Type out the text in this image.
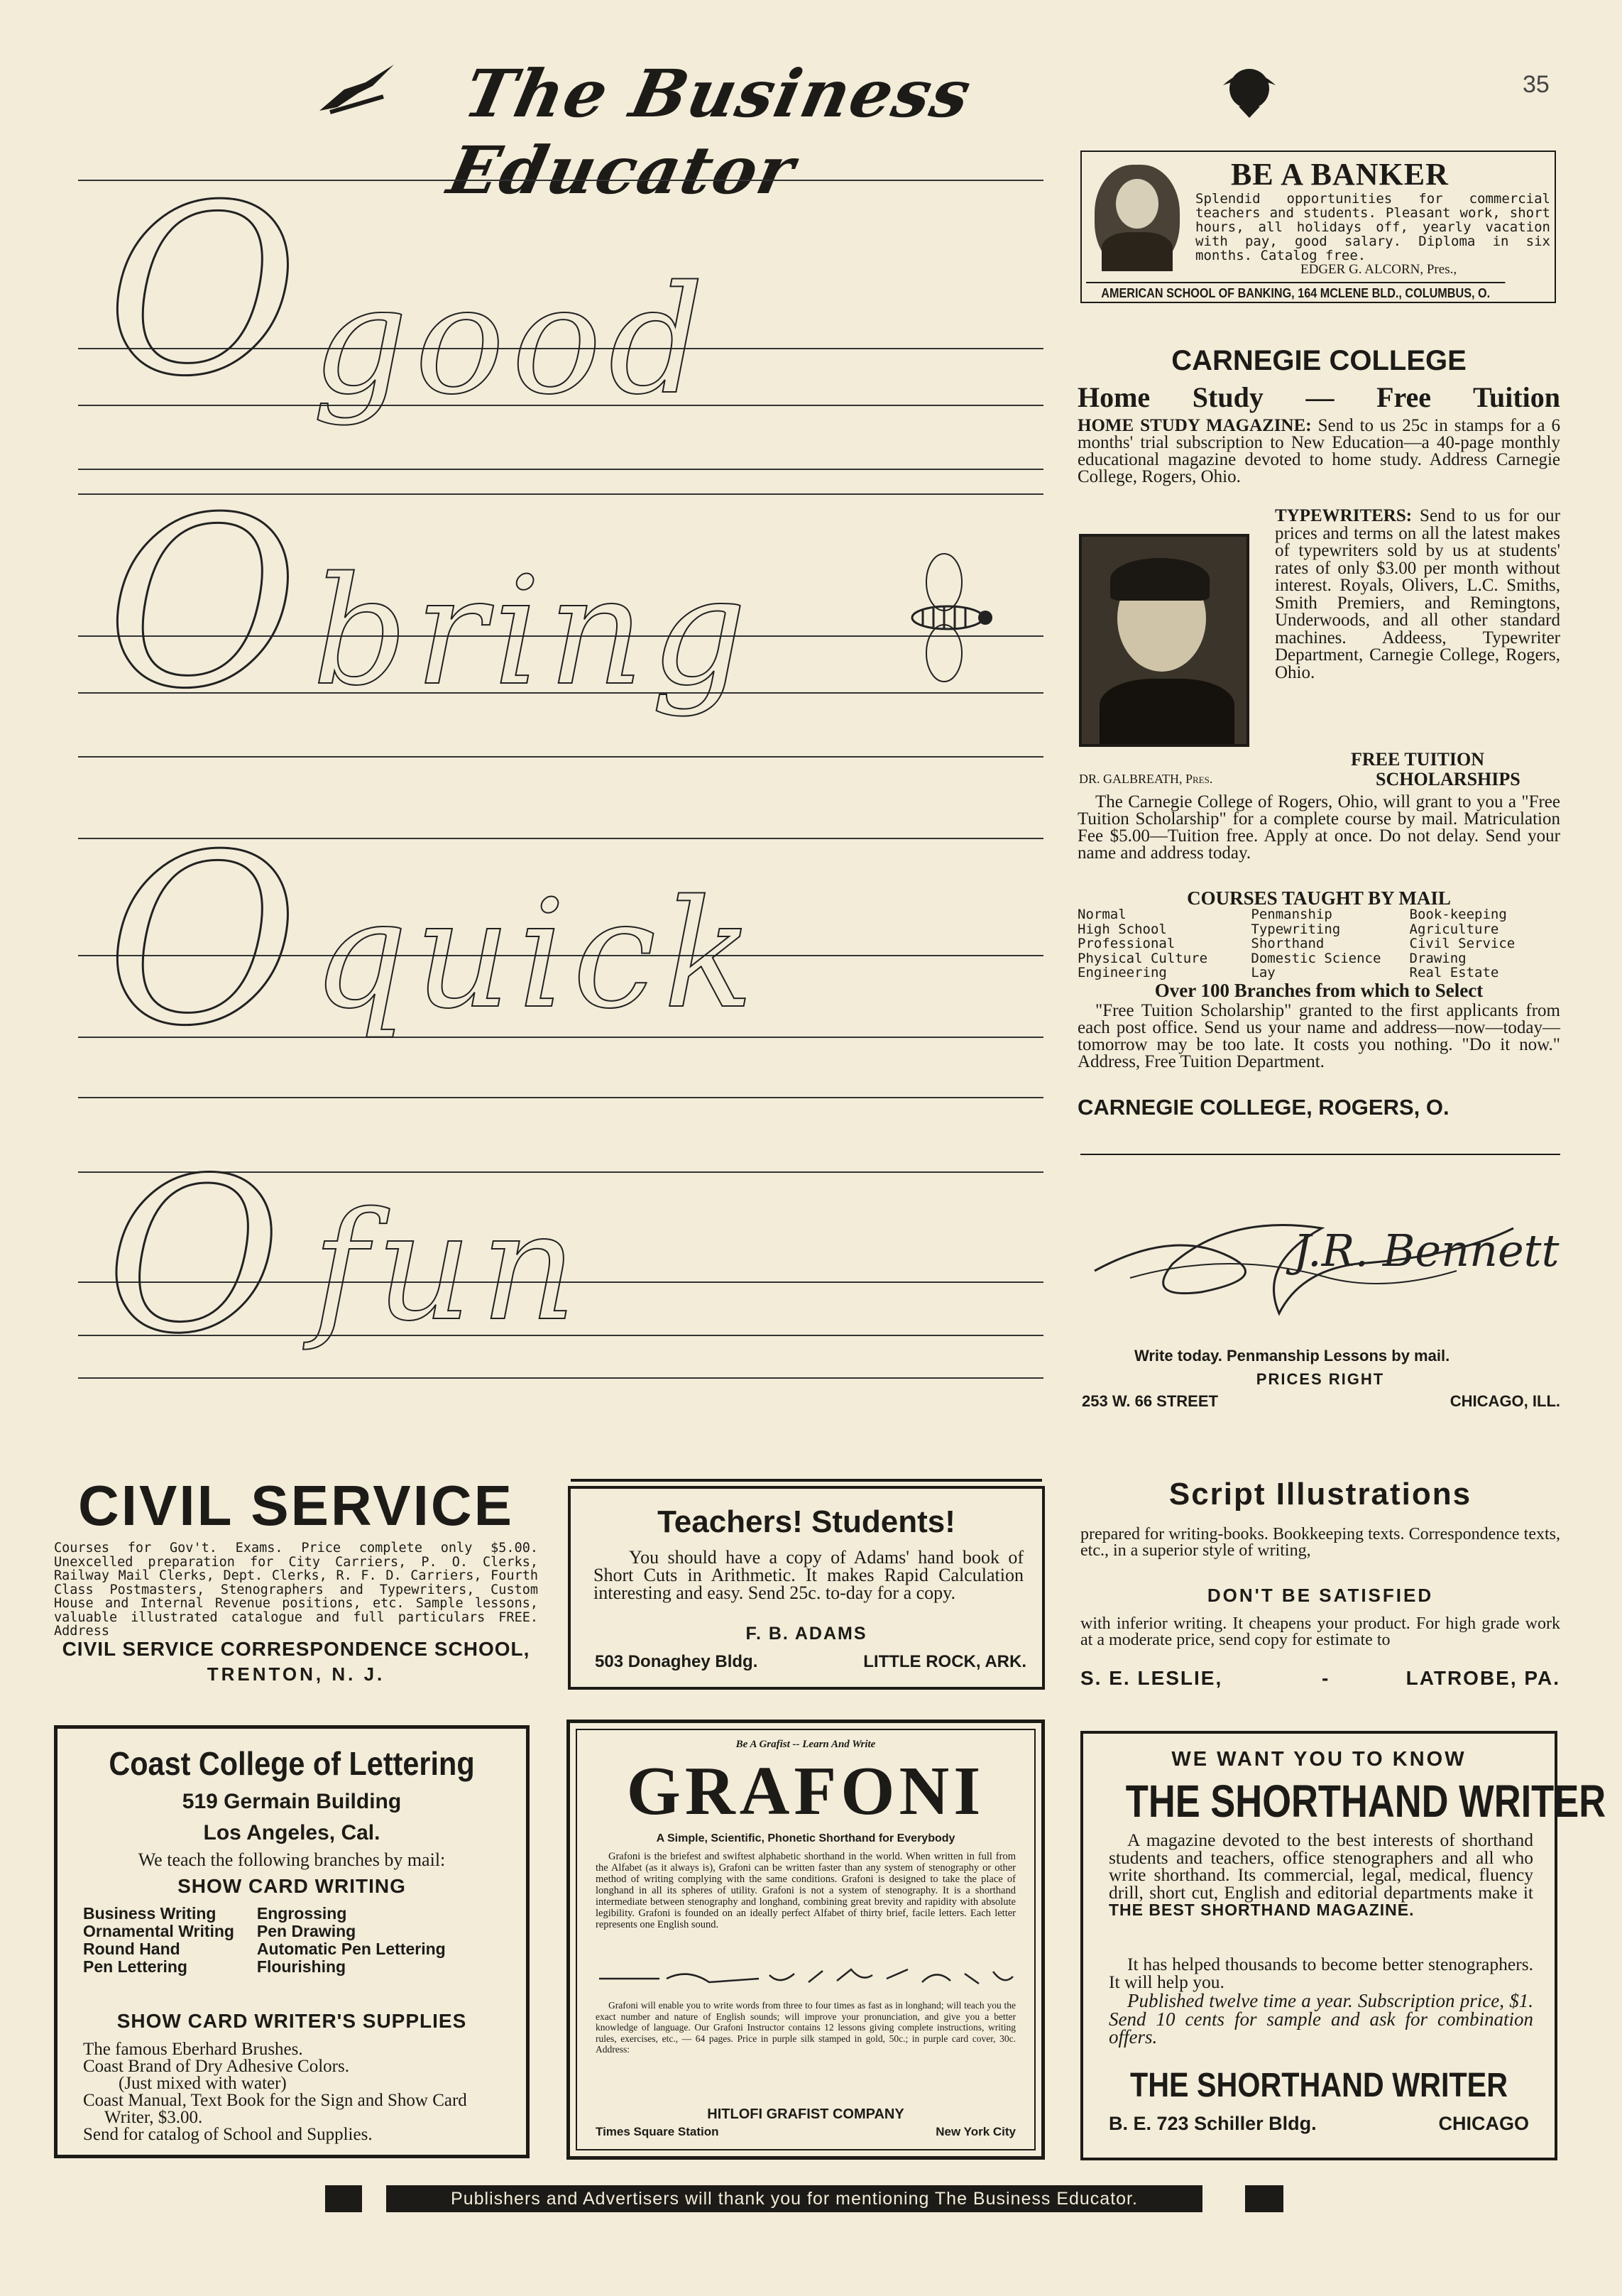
The Business Educator
35
O good
O bring
O quick
O fun
BE A BANKER
Splendid opportunities for commercial teachers and students. Pleasant work, short hours, all holidays off, yearly vacation with pay, good salary. Diploma in six months. Catalog free.
EDGER G. ALCORN, Pres.,
AMERICAN SCHOOL OF BANKING, 164 MCLENE BLD., COLUMBUS, O.
CARNEGIE COLLEGE
Home Study — Free Tuition
HOME STUDY MAGAZINE: Send to us 25c in stamps for a 6 months' trial subscription to New Education—a 40-page monthly educational magazine devoted to home study. Address Carnegie College, Rogers, Ohio.
TYPEWRITERS: Send to us for our prices and terms on all the latest makes of typewriters sold by us at students' rates of only $3.00 per month without interest. Royals, Olivers, L.C. Smiths, Smith Premiers, and Remingtons, Underwoods, and all other standard machines. Addeess, Typewriter Department, Carnegie College, Rogers, Ohio.
FREE TUITION
DR. GALBREATH, Pres.	SCHOLARSHIPS
The Carnegie College of Rogers, Ohio, will grant to you a "Free Tuition Scholarship" for a complete course by mail. Matriculation Fee $5.00—Tuition free. Apply at once. Do not delay. Send your name and address today.
COURSES TAUGHT BY MAIL
Normal	Penmanship	Book-keeping
High School	Typewriting	Agriculture
Professional	Shorthand	Civil Service
Physical Culture	Domestic Science	Drawing
Engineering	Lay	Real Estate
Over 100 Branches from which to Select
"Free Tuition Scholarship" granted to the first applicants from each post office. Send us your name and address—now—today—tomorrow may be too late. It costs you nothing. "Do it now." Address, Free Tuition Department.
CARNEGIE COLLEGE, ROGERS, O.
J.R. Bennett
Write today. Penmanship Lessons by mail.
PRICES RIGHT
253 W. 66 STREET	CHICAGO, ILL.
CIVIL SERVICE
Courses for Gov't. Exams. Price complete only $5.00. Unexcelled preparation for City Carriers, P. O. Clerks, Railway Mail Clerks, Dept. Clerks, R. F. D. Carriers, Fourth Class Postmasters, Stenographers and Typewriters, Custom House and Internal Revenue positions, etc. Sample lessons, valuable illustrated catalogue and full particulars FREE. Address
CIVIL SERVICE CORRESPONDENCE SCHOOL,
TRENTON, N. J.
Teachers! Students!
You should have a copy of Adams' hand book of Short Cuts in Arithmetic. It makes Rapid Calculation interesting and easy. Send 25c. to-day for a copy.
F. B. ADAMS
503 Donaghey Bldg.	LITTLE ROCK, ARK.
Script Illustrations
prepared for writing-books. Bookkeeping texts. Correspondence texts, etc., in a superior style of writing,
DON'T BE SATISFIED
with inferior writing. It cheapens your product. For high grade work at a moderate price, send copy for estimate to
S. E. LESLIE,	-	LATROBE, PA.
Coast College of Lettering
519 Germain Building
Los Angeles, Cal.
We teach the following branches by mail:
SHOW CARD WRITING
Business Writing	Engrossing
Ornamental Writing	Pen Drawing
Round Hand	Automatic Pen Lettering
Pen Lettering	Flourishing
SHOW CARD WRITER'S SUPPLIES
The famous Eberhard Brushes.
Coast Brand of Dry Adhesive Colors.
(Just mixed with water)
Coast Manual, Text Book for the Sign and Show Card Writer, $3.00.
Send for catalog of School and Supplies.
Be A Grafist -- Learn And Write
GRAFONI
A Simple, Scientific, Phonetic Shorthand for Everybody
Grafoni is the briefest and swiftest alphabetic shorthand in the world. When written in full from the Alfabet (as it always is), Grafoni can be written faster than any system of stenography or other method of writing complying with the same conditions. Grafoni is designed to take the place of longhand in all its spheres of utility. Grafoni is not a system of stenography. It is a shorthand intermediate between stenography and longhand, combining great brevity and rapidity with absolute legibility. Grafoni is founded on an ideally perfect Alfabet of thirty brief, facile letters. Each letter represents one English sound.
Grafoni will enable you to write words from three to four times as fast as in longhand; will teach you the exact number and nature of English sounds; will improve your pronunciation, and give you a better knowledge of language. Our Grafoni Instructor contains 12 lessons giving complete instructions, writing rules, exercises, etc., — 64 pages. Price in purple silk stamped in gold, 50c.; in purple card cover, 30c. Address:
HITLOFI GRAFIST COMPANY
Times Square Station	New York City
WE WANT YOU TO KNOW
THE SHORTHAND WRITER
A magazine devoted to the best interests of shorthand students and teachers, office stenographers and all who write shorthand. Its commercial, legal, medical, fluency drill, short cut, English and editorial departments make it THE BEST SHORTHAND MAGAZINE.
It has helped thousands to become better stenographers. It will help you.
Published twelve time a year. Subscription price, $1. Send 10 cents for sample and ask for combination offers.
THE SHORTHAND WRITER
B. E. 723 Schiller Bldg.	CHICAGO
Publishers and Advertisers will thank you for mentioning The Business Educator.
